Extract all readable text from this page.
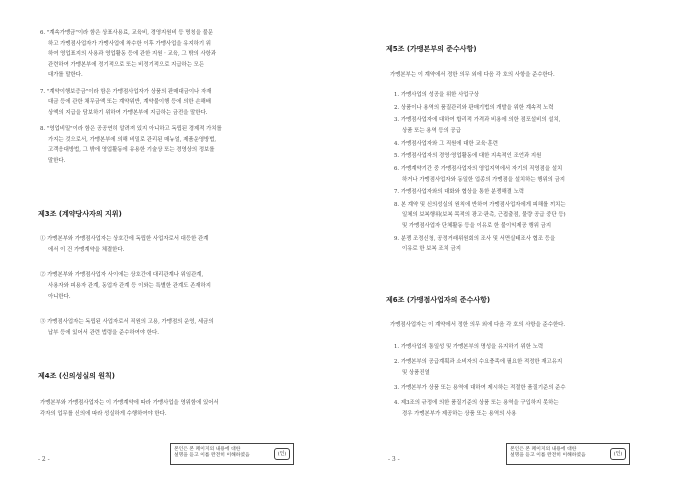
6. "계속가맹금"이라 함은 상표사용료, 교육비, 경영지원비 등 명칭을 불문
하고 가맹점사업자가 가맹사업에 착수한 이후 가맹사업을 유지하기 위
하여 영업표지의 사용과 영업활동 등에 관한 지원 · 교육, 그 밖의 사항과
관련하여 가맹본부에 정기적으로 또는 비정기적으로 지급하는 모든
대가를 말한다.
7. "계약이행보증금"이라 함은 가맹점사업자가 상품의 판매대금이나 자재
대금 등에 관한 채무금액 또는 계약위반, 계약불이행 등에 의한 손해배
상액의 지급을 담보하기 위하여 가맹본부에 지급하는 금전을 말한다.
8. "영업비밀"이라 함은 공공연히 알려져 있지 아니하고 독립된 경제적 가치를
가지는 것으로서, 가맹본부에 의해 비밀로 관리된 매뉴얼, 제품운영방법,
고객응대방법, 그 밖에 영업활동에 유용한 기술상 또는 경영상의 정보를
말한다.
제3조 (계약당사자의 지위)
① 가맹본부와 가맹점사업자는 상호간에 독립한 사업자로서 대등한 관계
에서 이 건 가맹계약을 체결한다.
② 가맹본부와 가맹점사업자 사이에는 상호간에 대리관계나 위임관계,
사용자와 피용자 관계, 동업자 관계 등 이와는 특별한 관계도 존재하지
아니한다.
③ 가맹점사업자는 독립된 사업자로서 직원의 고용, 가맹점의 운영, 세금의
납부 등에 있어서 관련 법령을 준수하여야 한다.
제4조 (신의성실의 원칙)
가맹본부와 가맹점사업자는 이 가맹계약에 따라 가맹사업을 영위함에 있어서
각자의 업무를 신의에 따라 성실하게 수행하여야 한다.
- 2 -
본인은 본 페이지의 내용에 대한
설명을 듣고 이를 완전히 이해하였음	(인)
제5조 (가맹본부의 준수사항)
가맹본부는 이 계약에서 정한 의무 외에 다음 각 호의 사항을 준수한다.
1. 가맹사업의 성공을 위한 사업구상
2. 상품이나 용역의 품질관리와 판매기법의 개발을 위한 계속적 노력
3. 가맹점사업자에 대하여 합리적 가격과 비용에 의한 점포설비의 설치,
상품 또는 용역 등의 공급
4. 가맹점사업자와 그 직원에 대한 교육·훈련
5. 가맹점사업자의 경영·영업활동에 대한 지속적인 조언과 지원
6. 가맹계약기간 중 가맹점사업자의 영업지역에서 자기의 직영점을 설치
하거나 가맹점사업자와 동일한 업종의 가맹점을 설치하는 행위의 금지
7. 가맹점사업자와의 대화와 협상을 통한 분쟁해결 노력
8. 본 계약 및 신의성실의 원칙에 반하여 가맹점사업자에게 피해를 끼치는
일체의 보복행위(보복 목적의 광고·판촉, 근접출점, 물량 공급 중단 등)
및 가맹점사업자 단체활동 등을 이유로 한 불이익제공 행위 금지
9. 분쟁 조정신청, 공정거래위원회의 조사 및 서면실태조사 협조 등을
이유로 한 보복 조치 금지
제6조 (가맹점사업자의 준수사항)
가맹점사업자는 이 계약에서 정한 의무 외에 다음 각 호의 사항을 준수한다.
1. 가맹사업의 통일성 및 가맹본부의 명성을 유지하기 위한 노력
2. 가맹본부의 공급계획과 소비자의 수요충족에 필요한 적정한 재고유지
및 상품진열
3. 가맹본부가 상품 또는 용역에 대하여 제시하는 적절한 품질기준의 준수
4. 제3조의 규정에 의한 품질기준의 상품 또는 용역을 구입하지 못하는
경우 가맹본부가 제공하는 상품 또는 용역의 사용
- 3 -
본인은 본 페이지의 내용에 대한
설명을 듣고 이를 완전히 이해하였음	(인)
